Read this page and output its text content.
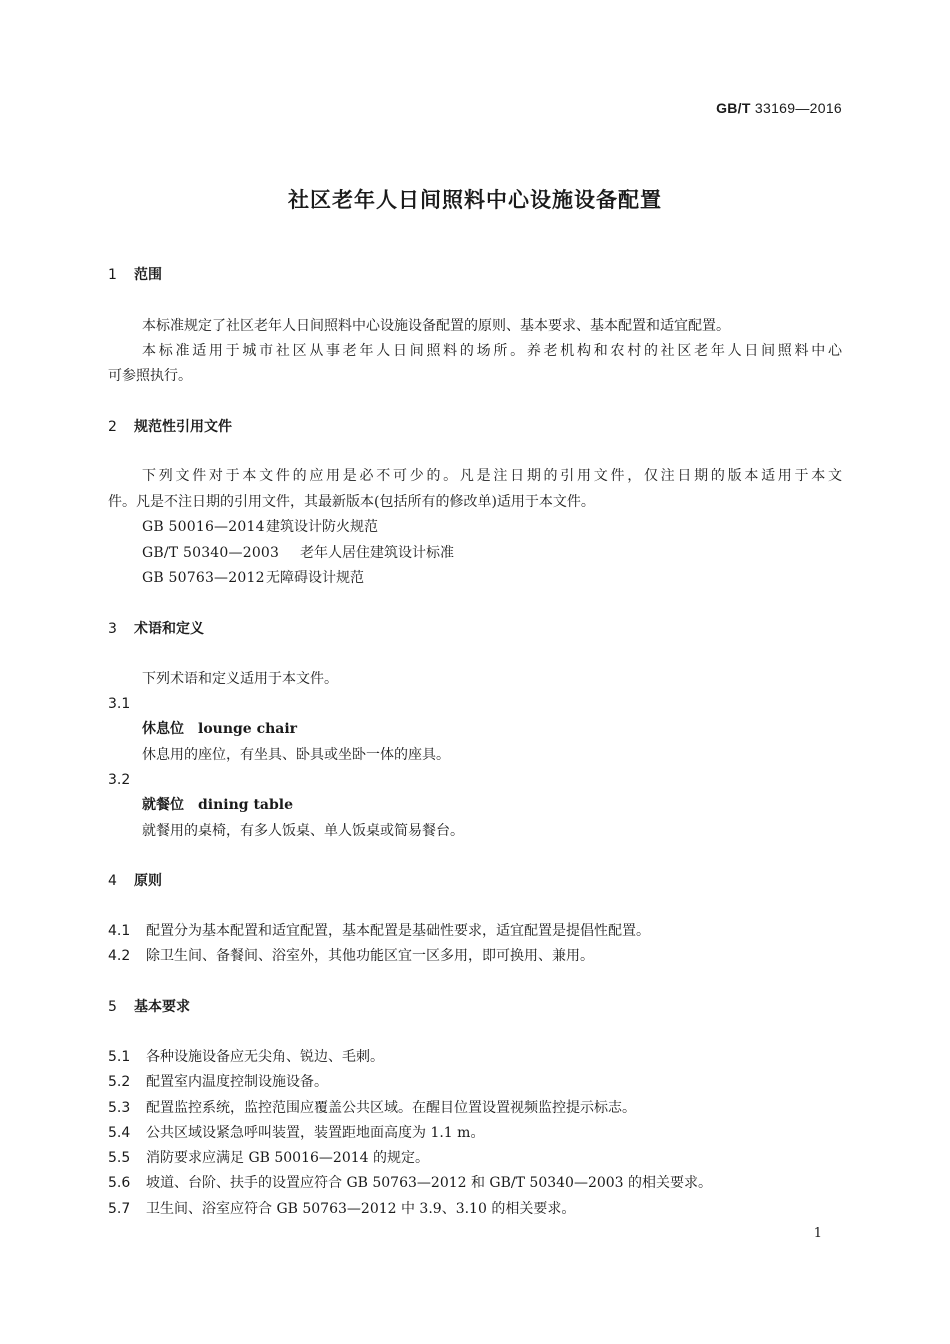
GB/T 33169—2016
社区老年人日间照料中心设施设备配置
1 范围
本标准规定了社区老年人日间照料中心设施设备配置的原则、基本要求、基本配置和适宜配置。
本标准适用于城市社区从事老年人日间照料的场所。养老机构和农村的社区老年人日间照料中心
可参照执行。
2 规范性引用文件
下列文件对于本文件的应用是必不可少的。凡是注日期的引用文件，仅注日期的版本适用于本文
件。凡是不注日期的引用文件，其最新版本(包括所有的修改单)适用于本文件。
GB 50016—2014建筑设计防火规范
GB/T 50340—2003 老年人居住建筑设计标准
GB 50763—2012无障碍设计规范
3 术语和定义
下列术语和定义适用于本文件。
3.1
休息位 lounge chair
休息用的座位，有坐具、卧具或坐卧一体的座具。
3.2
就餐位 dining table
就餐用的桌椅，有多人饭桌、单人饭桌或简易餐台。
4 原则
4.1 配置分为基本配置和适宜配置，基本配置是基础性要求，适宜配置是提倡性配置。
4.2 除卫生间、备餐间、浴室外，其他功能区宜一区多用，即可换用、兼用。
5 基本要求
5.1 各种设施设备应无尖角、锐边、毛刺。
5.2 配置室内温度控制设施设备。
5.3 配置监控系统，监控范围应覆盖公共区域。在醒目位置设置视频监控提示标志。
5.4 公共区域设紧急呼叫装置，装置距地面高度为 1.1 m。
5.5 消防要求应满足 GB 50016—2014 的规定。
5.6 坡道、台阶、扶手的设置应符合 GB 50763—2012 和 GB/T 50340—2003 的相关要求。
5.7 卫生间、浴室应符合 GB 50763—2012 中 3.9、3.10 的相关要求。
1
